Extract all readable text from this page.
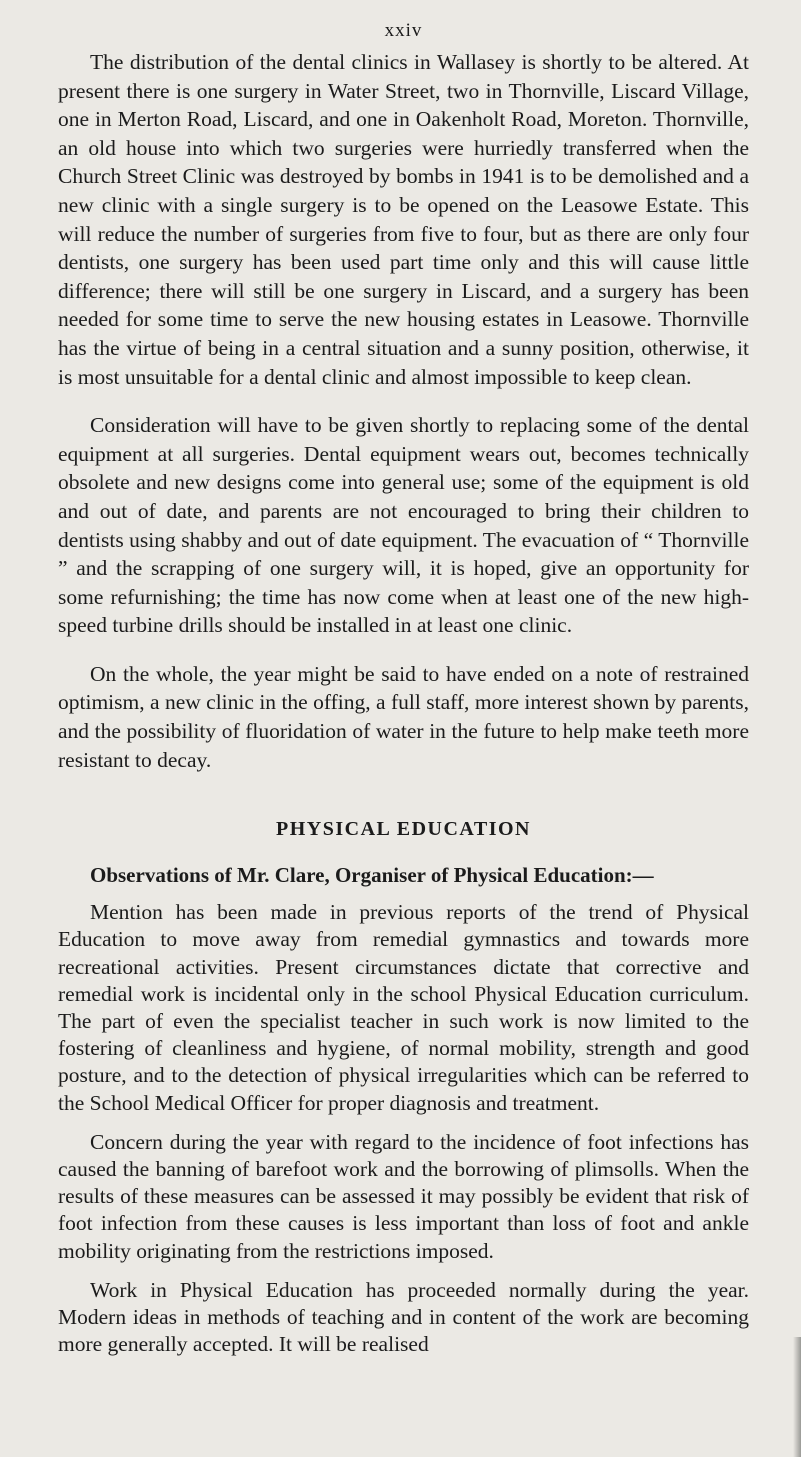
xxiv

The distribution of the dental clinics in Wallasey is shortly to be altered. At present there is one surgery in Water Street, two in Thornville, Liscard Village, one in Merton Road, Liscard, and one in Oakenholt Road, Moreton. Thornville, an old house into which two surgeries were hurriedly transferred when the Church Street Clinic was destroyed by bombs in 1941 is to be demolished and a new clinic with a single surgery is to be opened on the Leasowe Estate. This will reduce the number of surgeries from five to four, but as there are only four dentists, one surgery has been used part time only and this will cause little difference; there will still be one surgery in Liscard, and a surgery has been needed for some time to serve the new housing estates in Leasowe. Thornville has the virtue of being in a central situation and a sunny position, otherwise, it is most unsuitable for a dental clinic and almost impossible to keep clean.

Consideration will have to be given shortly to replacing some of the dental equipment at all surgeries. Dental equipment wears out, becomes technically obsolete and new designs come into general use; some of the equipment is old and out of date, and parents are not encouraged to bring their children to dentists using shabby and out of date equipment. The evacuation of “ Thornville ” and the scrapping of one surgery will, it is hoped, give an opportunity for some refurnishing; the time has now come when at least one of the new high-speed turbine drills should be installed in at least one clinic.

On the whole, the year might be said to have ended on a note of restrained optimism, a new clinic in the offing, a full staff, more interest shown by parents, and the possibility of fluoridation of water in the future to help make teeth more resistant to decay.

PHYSICAL EDUCATION
Observations of Mr. Clare, Organiser of Physical Education:—

Mention has been made in previous reports of the trend of Physical Education to move away from remedial gymnastics and towards more recreational activities. Present circumstances dictate that corrective and remedial work is incidental only in the school Physical Education curriculum. The part of even the specialist teacher in such work is now limited to the fostering of cleanliness and hygiene, of normal mobility, strength and good posture, and to the detection of physical irregularities which can be referred to the School Medical Officer for proper diagnosis and treatment.

Concern during the year with regard to the incidence of foot infections has caused the banning of barefoot work and the borrowing of plimsolls. When the results of these measures can be assessed it may possibly be evident that risk of foot infection from these causes is less important than loss of foot and ankle mobility originating from the restrictions imposed.

Work in Physical Education has proceeded normally during the year. Modern ideas in methods of teaching and in content of the work are becoming more generally accepted. It will be realised
